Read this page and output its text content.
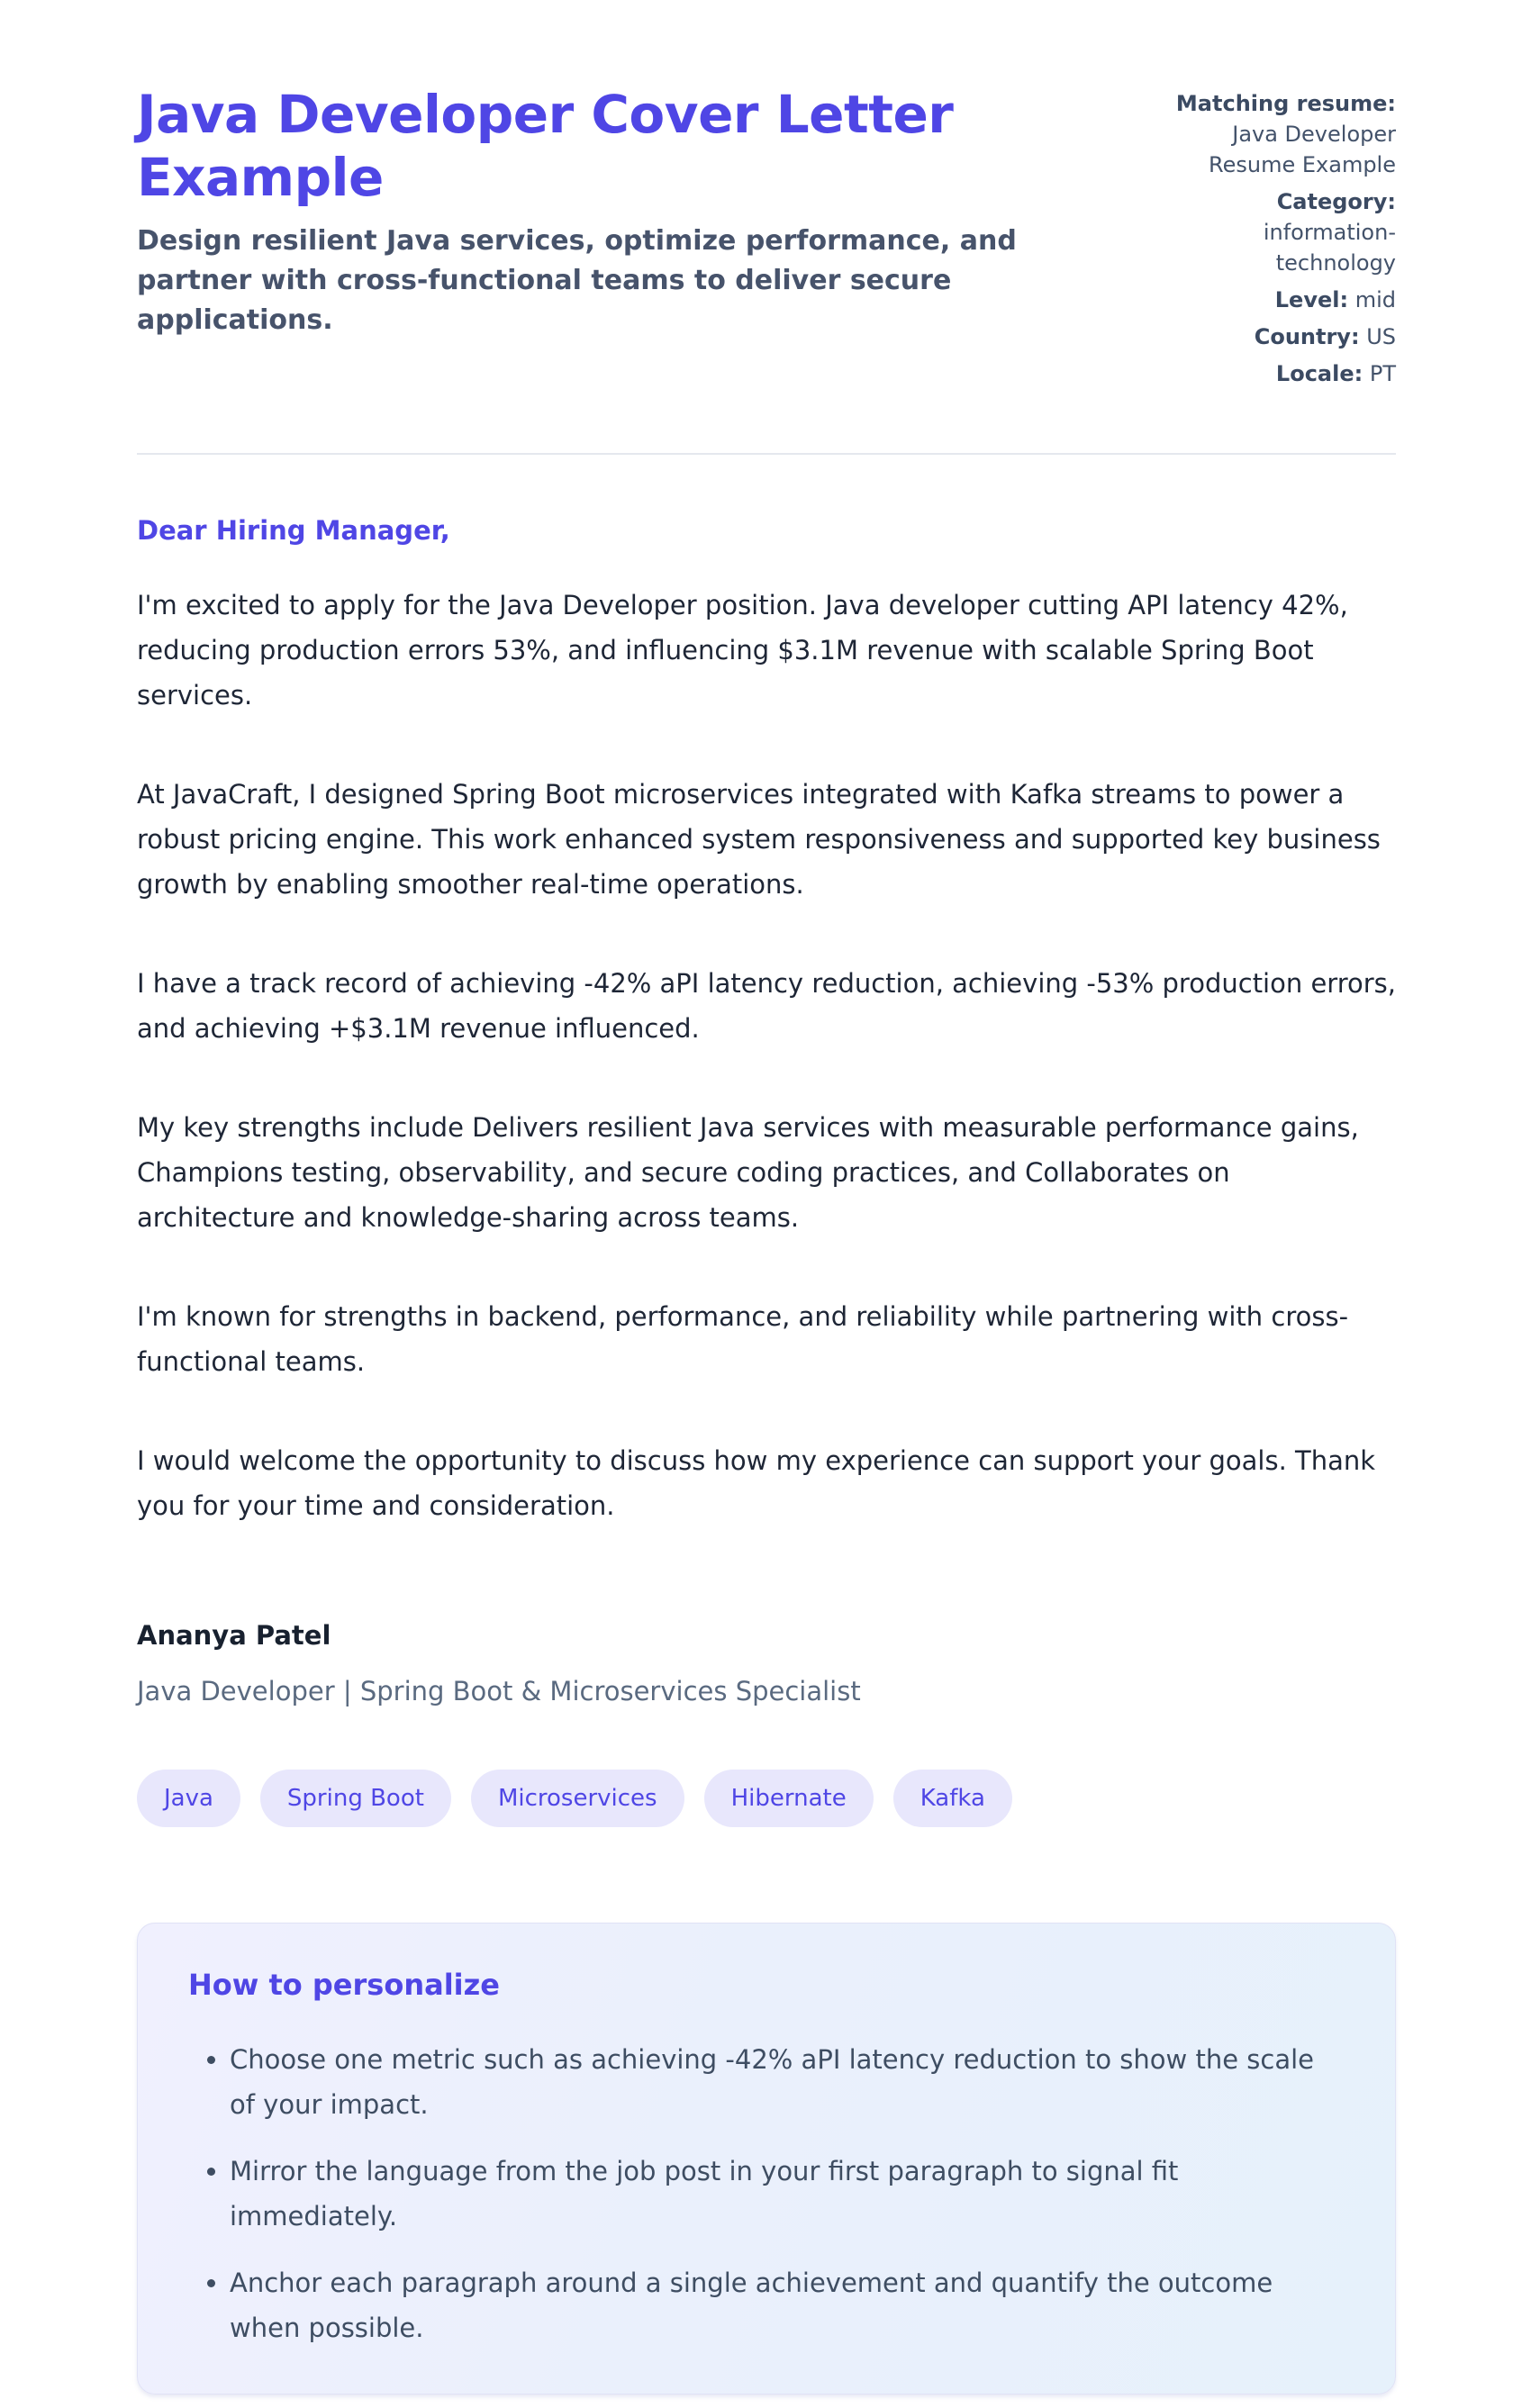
Java Developer Cover Letter Example

Design resilient Java services, optimize performance, and partner with cross-functional teams to deliver secure applications.

Matching resume: Java Developer Resume Example
Category: information-technology
Level: mid
Country: US
Locale: PT

Dear Hiring Manager,

I'm excited to apply for the Java Developer position. Java developer cutting API latency 42%, reducing production errors 53%, and influencing $3.1M revenue with scalable Spring Boot services.

At JavaCraft, I designed Spring Boot microservices integrated with Kafka streams to power a robust pricing engine. This work enhanced system responsiveness and supported key business growth by enabling smoother real-time operations.

I have a track record of achieving -42% aPI latency reduction, achieving -53% production errors, and achieving +$3.1M revenue influenced.

My key strengths include Delivers resilient Java services with measurable performance gains, Champions testing, observability, and secure coding practices, and Collaborates on architecture and knowledge-sharing across teams.

I'm known for strengths in backend, performance, and reliability while partnering with cross-functional teams.

I would welcome the opportunity to discuss how my experience can support your goals. Thank you for your time and consideration.

Ananya Patel
Java Developer | Spring Boot & Microservices Specialist
Java	Spring Boot	Microservices	Hibernate	Kafka
How to personalize
• Choose one metric such as achieving -42% aPI latency reduction to show the scale of your impact.
• Mirror the language from the job post in your first paragraph to signal fit immediately.
• Anchor each paragraph around a single achievement and quantify the outcome when possible.
